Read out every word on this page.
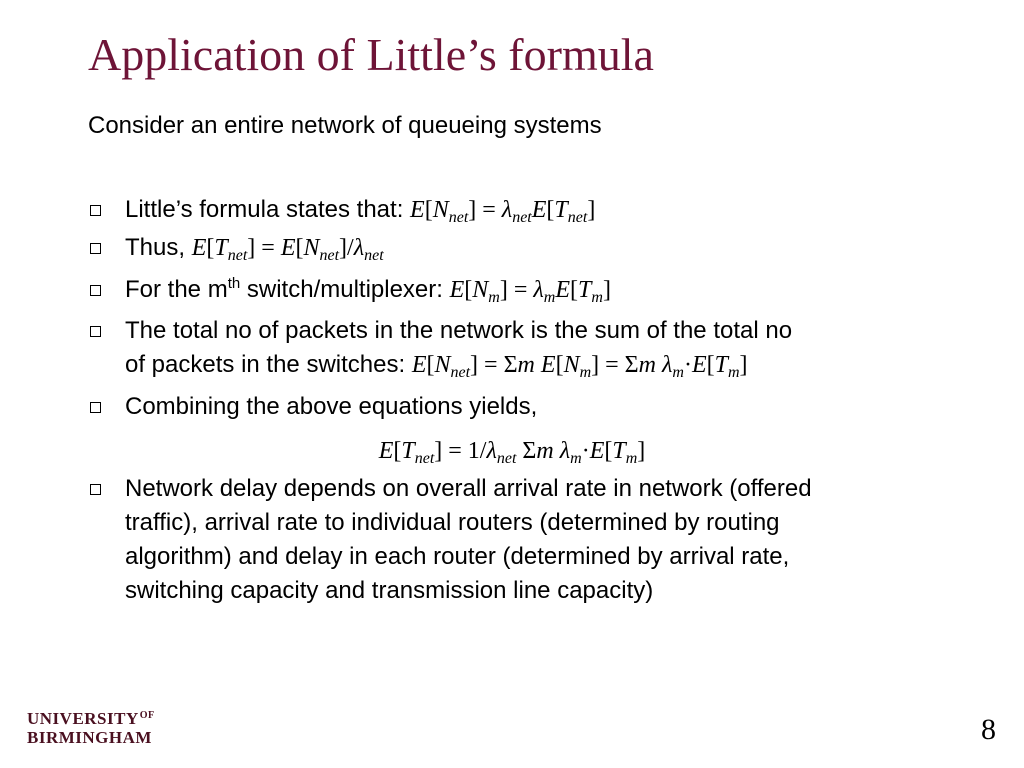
Application of Little’s formula
Consider an entire network of queueing systems
Little’s formula states that: $E[N_{net}] = \lambda_{net}E[T_{net}]$
Thus, $E[T_{net}] = E[N_{net}]/\lambda_{net}$
For the $m^{th}$ switch/multiplexer: $E[N_m] = \lambda_mE[T_m]$
The total no of packets in the network is the sum of the total no
of packets in the switches: $E[N_{net}] = \Sigma m$ $E[N_m] = \Sigma m$ $\lambda_m\cdot E[T_m]$
Combining the above equations yields,
$E[T_{net}] = 1/\lambda_{net}$ Σm $\lambda_m\cdot E[T_m]$
Network delay depends on overall arrival rate in network (offered
traffic), arrival rate to individual routers (determined by routing
algorithm) and delay in each router (determined by arrival rate,
switching capacity and transmission line capacity)
$UNIVERSITY^{OF}$
BIRMINGHAM	8
